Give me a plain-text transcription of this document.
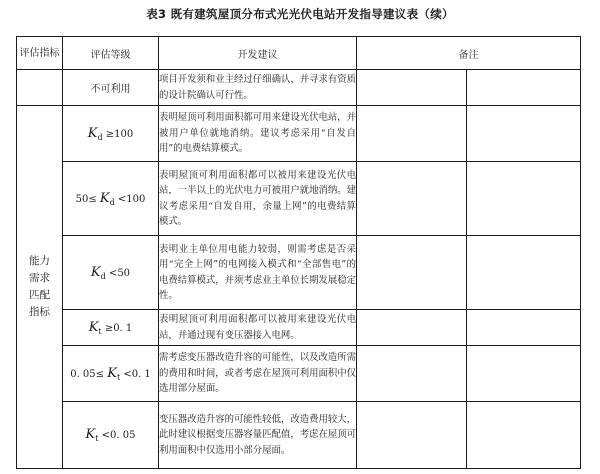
表3 既有建筑屋顶分布式光光伏电站开发指导建议表（续）
评估指标	评估等级	开发建议	备注	
	不可利用	项目开发须和业主经过仔细确认，并寻求有资质的设计院确认可行性。		
能力需求匹配指标	$K_d \ge 100$	表明屋顶可利用面积都可用来建设光伏电站，并被用户单位就地消纳。建议考虑采用“自发自用”的电费结算模式。		
	$50\le K_d <100$	表明屋顶可利用面积都可以被用来建设光伏电站，一半以上的光伏电力可被用户就地消纳。建议考虑采用“自发自用，余量上网”的电费结算模式。		
	$K_d <50$	表明业主单位用电能力较弱，则需考虑是否采用“完全上网”的电网接入模式和“全部售电”的电费结算模式，并须考虑业主单位长期发展稳定性。		
	$K_t \ge 0$. 1	表明屋顶可利用面积都可以被用来建设光伏电站，并通过现有变压器接入电网。		
	0. $05\le K_t <0$. 1	需考虑变压器改造升容的可能性，以及改造所需的费用和时间，或者考虑在屋顶可利用面积中仅选用部分屋面。		
	$K_t <0$. 05	变压器改造升容的可能性较低，改造费用较大，此时建议根据变压器容量匹配值，考虑在屋顶可利用面积中仅选用小部分屋面。		
